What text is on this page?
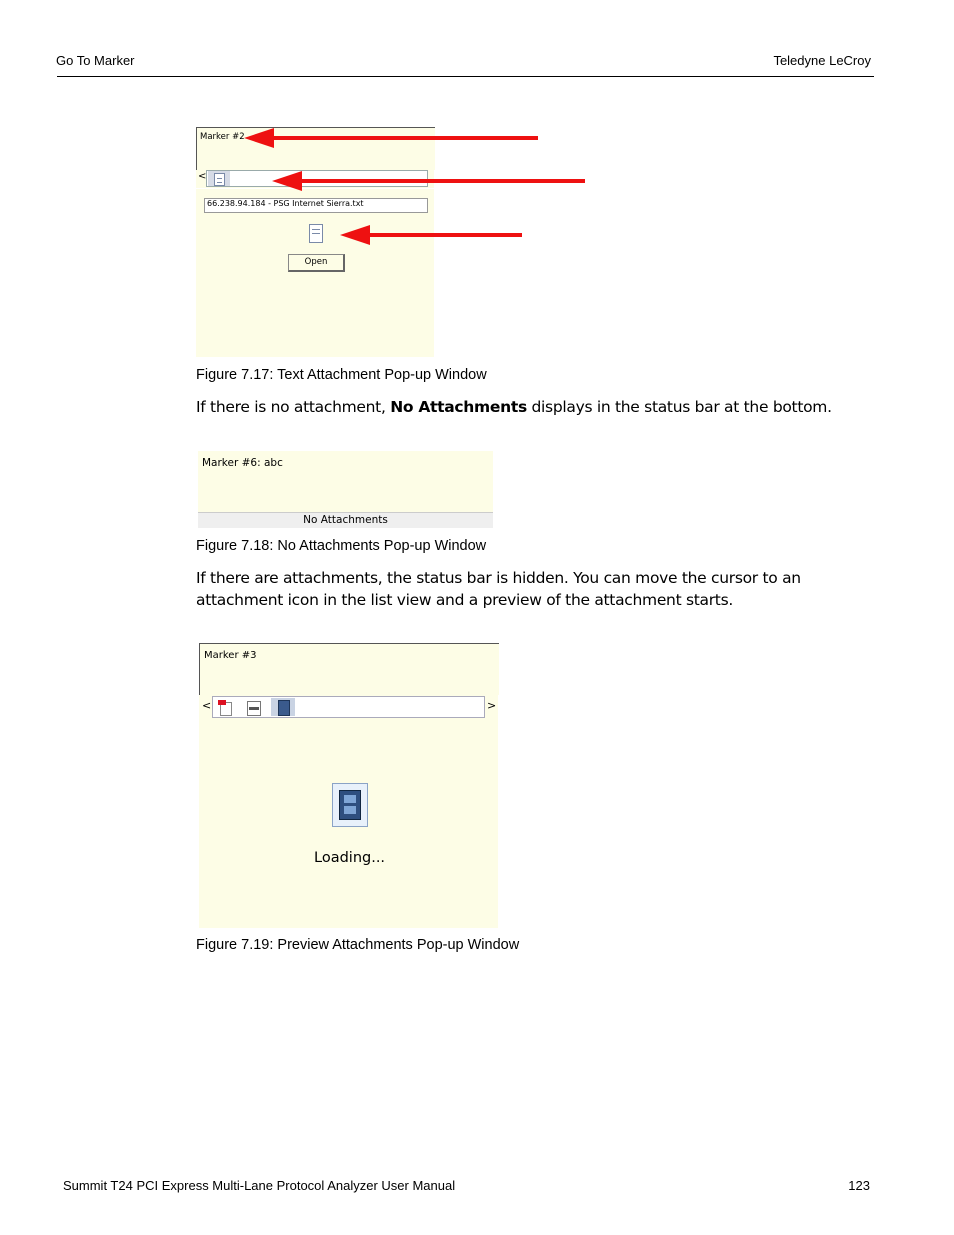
Go To Marker	Teledyne LeCroy
Marker #2
<
66.238.94.184 - PSG Internet Sierra.txt
Open
Figure 7.17: Text Attachment Pop-up Window
If there is no attachment, No Attachments displays in the status bar at the bottom.
Marker #6: abc
No Attachments
Figure 7.18: No Attachments Pop-up Window
If there are attachments, the status bar is hidden. You can move the cursor to an
attachment icon in the list view and a preview of the attachment starts.
Marker #3
<	>
Loading...
Figure 7.19: Preview Attachments Pop-up Window
Summit T24 PCI Express Multi-Lane Protocol Analyzer User Manual	123
